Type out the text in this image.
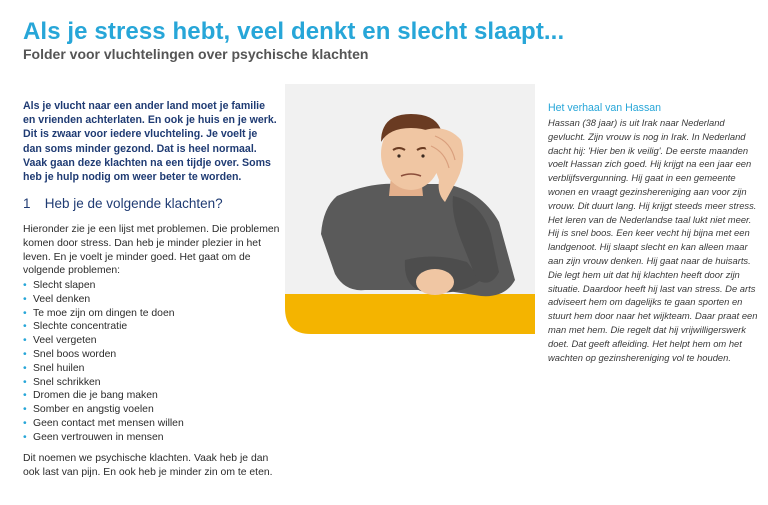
Als je stress hebt, veel denkt en slecht slaapt...
Folder voor vluchtelingen over psychische klachten
Als je vlucht naar een ander land moet je familie en vrienden achterlaten. En ook je huis en je werk. Dit is zwaar voor iedere vluchteling. Je voelt je dan soms minder gezond. Dat is heel normaal. Vaak gaan deze klachten na een tijdje over. Soms heb je hulp nodig om weer beter te worden.
1 Heb je de volgende klachten?
Hieronder zie je een lijst met problemen. Die problemen komen door stress. Dan heb je minder plezier in het leven. En je voelt je minder goed. Het gaat om de volgende problemen:
• Slecht slapen
• Veel denken
• Te moe zijn om dingen te doen
• Slechte concentratie
• Veel vergeten
• Snel boos worden
• Snel huilen
• Snel schrikken
• Dromen die je bang maken
• Somber en angstig voelen
• Geen contact met mensen willen
• Geen vertrouwen in mensen
Dit noemen we psychische klachten. Vaak heb je dan ook last van pijn. En ook heb je minder zin om te eten.
Het verhaal van Hassan
Hassan (38 jaar) is uit Irak naar Nederland gevlucht. Zijn vrouw is nog in Irak. In Nederland dacht hij: 'Hier ben ik veilig'. De eerste maanden voelt Hassan zich goed. Hij krijgt na een jaar een verblijfsvergunning. Hij gaat in een gemeente wonen en vraagt gezinshereniging aan voor zijn vrouw. Dit duurt lang. Hij krijgt steeds meer stress. Het leren van de Nederlandse taal lukt niet meer. Hij is snel boos. Een keer vecht hij bijna met een landgenoot. Hij slaapt slecht en kan alleen maar aan zijn vrouw denken. Hij gaat naar de huisarts. Die legt hem uit dat hij klachten heeft door zijn situatie. Daardoor heeft hij last van stress. De arts adviseert hem om dagelijks te gaan sporten en stuurt hem door naar het wijkteam. Daar praat een man met hem. Die regelt dat hij vrijwilligerswerk doet. Dat geeft afleiding. Het helpt hem om het wachten op gezinshereniging vol te houden.
